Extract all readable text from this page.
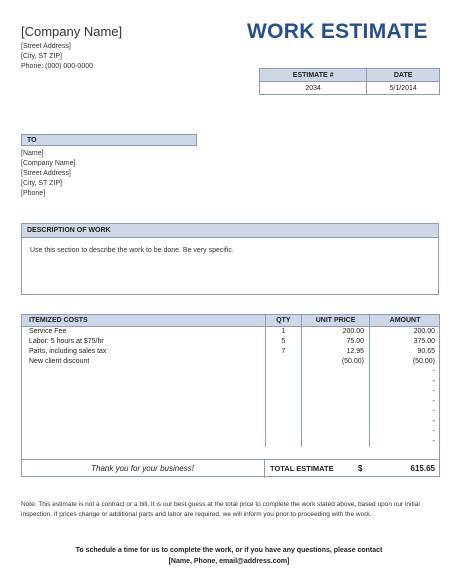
[Company Name]
[Street Address]
[City, ST ZIP]
Phone: (000) 000-0000
WORK ESTIMATE
ESTIMATE #	DATE
2034	5/1/2014
TO
[Name]
[Company Name]
[Street Address]
[City, ST ZIP]
[Phone]
DESCRIPTION OF WORK
Use this section to describe the work to be done. Be very specific.
ITEMIZED COSTS	QTY	UNIT PRICE	AMOUNT
Service Fee	1	200.00	200.00
Labor: 5 hours at $75/hr	5	75.00	375.00
Parts, including sales tax	7	12.95	90.65
New client discount		(50.00)	(50.00)
			-
			-
			-
			-
			-
			-
			-
			-
Thank you for your business!	TOTAL ESTIMATE	$	615.65
Note: This estimate is not a contract or a bill. It is our best guess at the total price to complete the work stated above, based upon our initial inspection. If prices change or additional parts and labor are required, we will inform you prior to proceeding with the work.
To schedule a time for us to complete the work, or if you have any questions, please contact
[Name, Phone, email@address.com]
